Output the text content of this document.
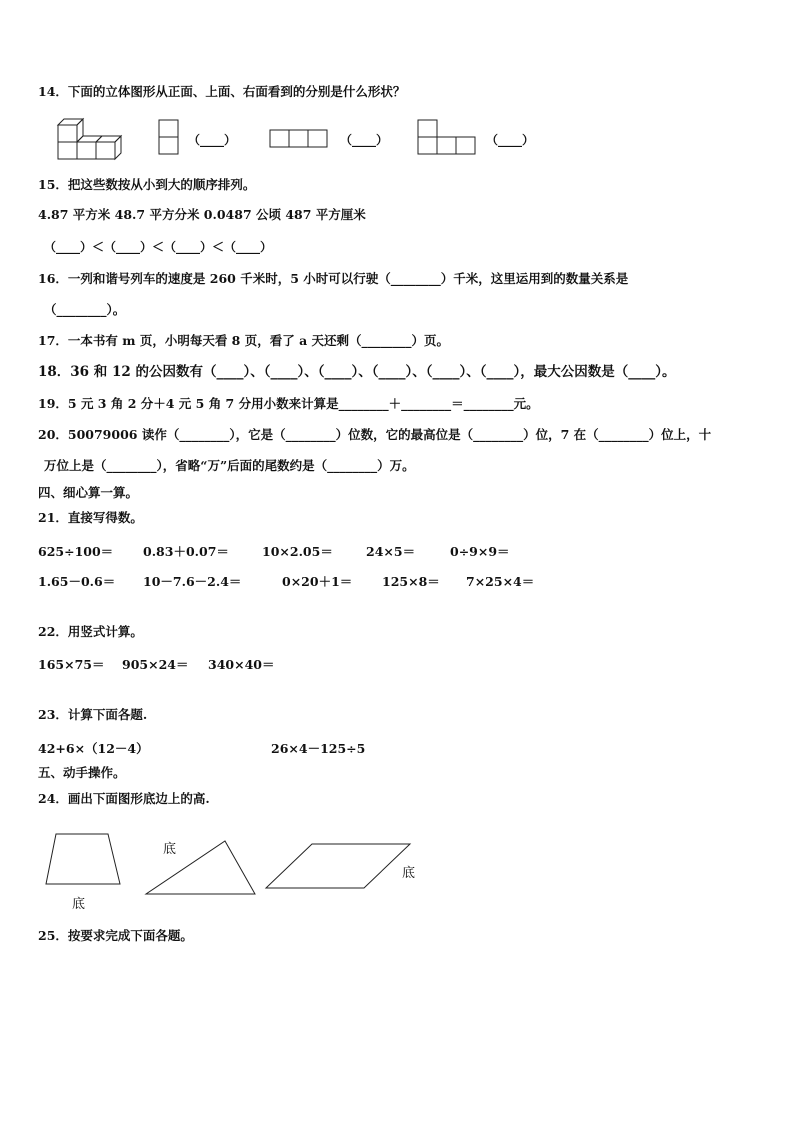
14．下面的立体图形从正面、上面、右面看到的分别是什么形状？
（____）	（____）	（____）
15．把这些数按从小到大的顺序排列。
4.87 平方米 48.7 平方分米 0.0487 公顷 487 平方厘米
（____）＜（____）＜（____）＜（____）
16．一列和谐号列车的速度是 260 千米时，5 小时可以行驶（________）千米，这里运用到的数量关系是
（________）。
17．一本书有 m 页，小明每天看 8 页，看了 a 天还剩（________）页。
18．36 和 12 的公因数有（____）、（____）、（____）、（____）、（____）、（____），最大公因数是（____）。
19．5 元 3 角 2 分＋4 元 5 角 7 分用小数来计算是________＋________＝________元。
20．50079006 读作（________），它是（________）位数，它的最高位是（________）位，7 在（________）位上，十
万位上是（________），省略“万”后面的尾数约是（________）万。
四、细心算一算。
21．直接写得数。
625÷100＝ 0.83＋0.07＝	10×2.05＝	24×5＝	0÷9×9＝
1.65－0.6＝ 10－7.6－2.4＝	0×20＋1＝ 125×8＝ 7×25×4＝
22．用竖式计算。
165×75＝ 905×24＝ 340×40＝
23．计算下面各题.
42+6×（12－4）	26×4－125÷5
五、动手操作。
24．画出下面图形底边上的高.
底
底
底
25．按要求完成下面各题。
